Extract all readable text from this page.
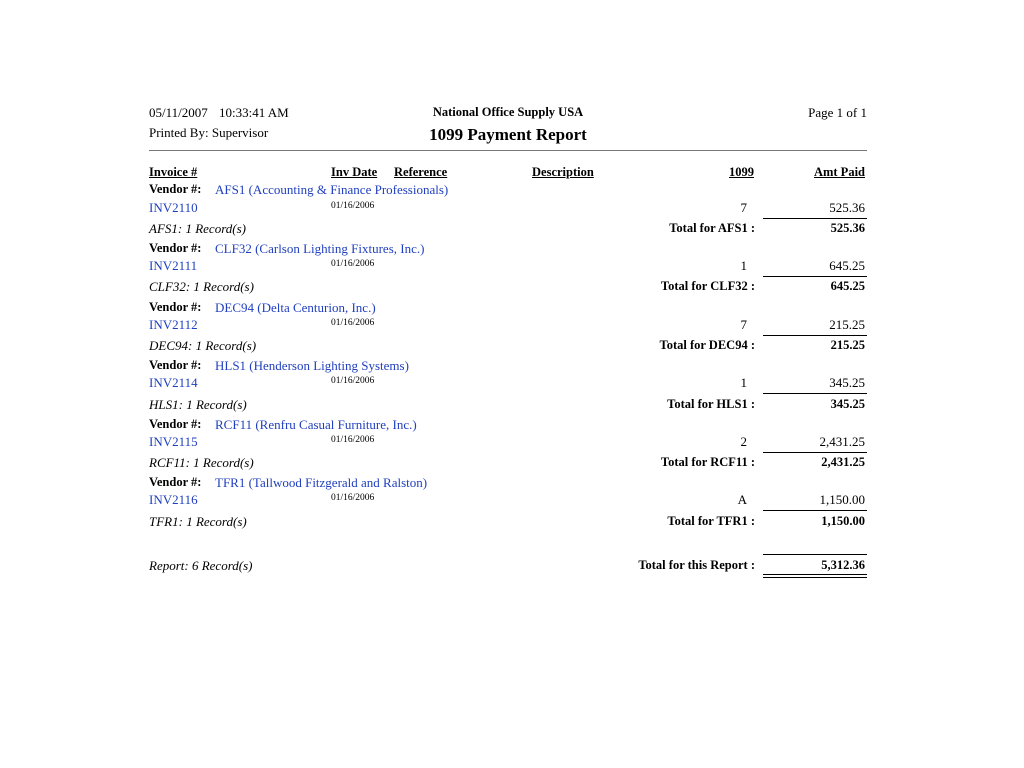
05/11/2007 10:33:41 AM	National Office Supply USA	Page 1 of 1
Printed By: Supervisor	1099 Payment Report
Invoice #	Inv Date Reference	Description	1099	Amt Paid
Vendor #: AFS1 (Accounting & Finance Professionals)
INV2110	01/16/2006	7	525.36
AFS1: 1 Record(s)	Total for AFS1 :	525.36
Vendor #: CLF32 (Carlson Lighting Fixtures, Inc.)
INV2111	01/16/2006	1	645.25
CLF32: 1 Record(s)	Total for CLF32 :	645.25
Vendor #: DEC94 (Delta Centurion, Inc.)
INV2112	01/16/2006	7	215.25
DEC94: 1 Record(s)	Total for DEC94 :	215.25
Vendor #: HLS1 (Henderson Lighting Systems)
INV2114	01/16/2006	1	345.25
HLS1: 1 Record(s)	Total for HLS1 :	345.25
Vendor #: RCF11 (Renfru Casual Furniture, Inc.)
INV2115	01/16/2006	2	2,431.25
RCF11: 1 Record(s)	Total for RCF11 :	2,431.25
Vendor #: TFR1 (Tallwood Fitzgerald and Ralston)
INV2116	01/16/2006	A	1,150.00
TFR1: 1 Record(s)	Total for TFR1 :	1,150.00
Report: 6 Record(s)	Total for this Report :	5,312.36
